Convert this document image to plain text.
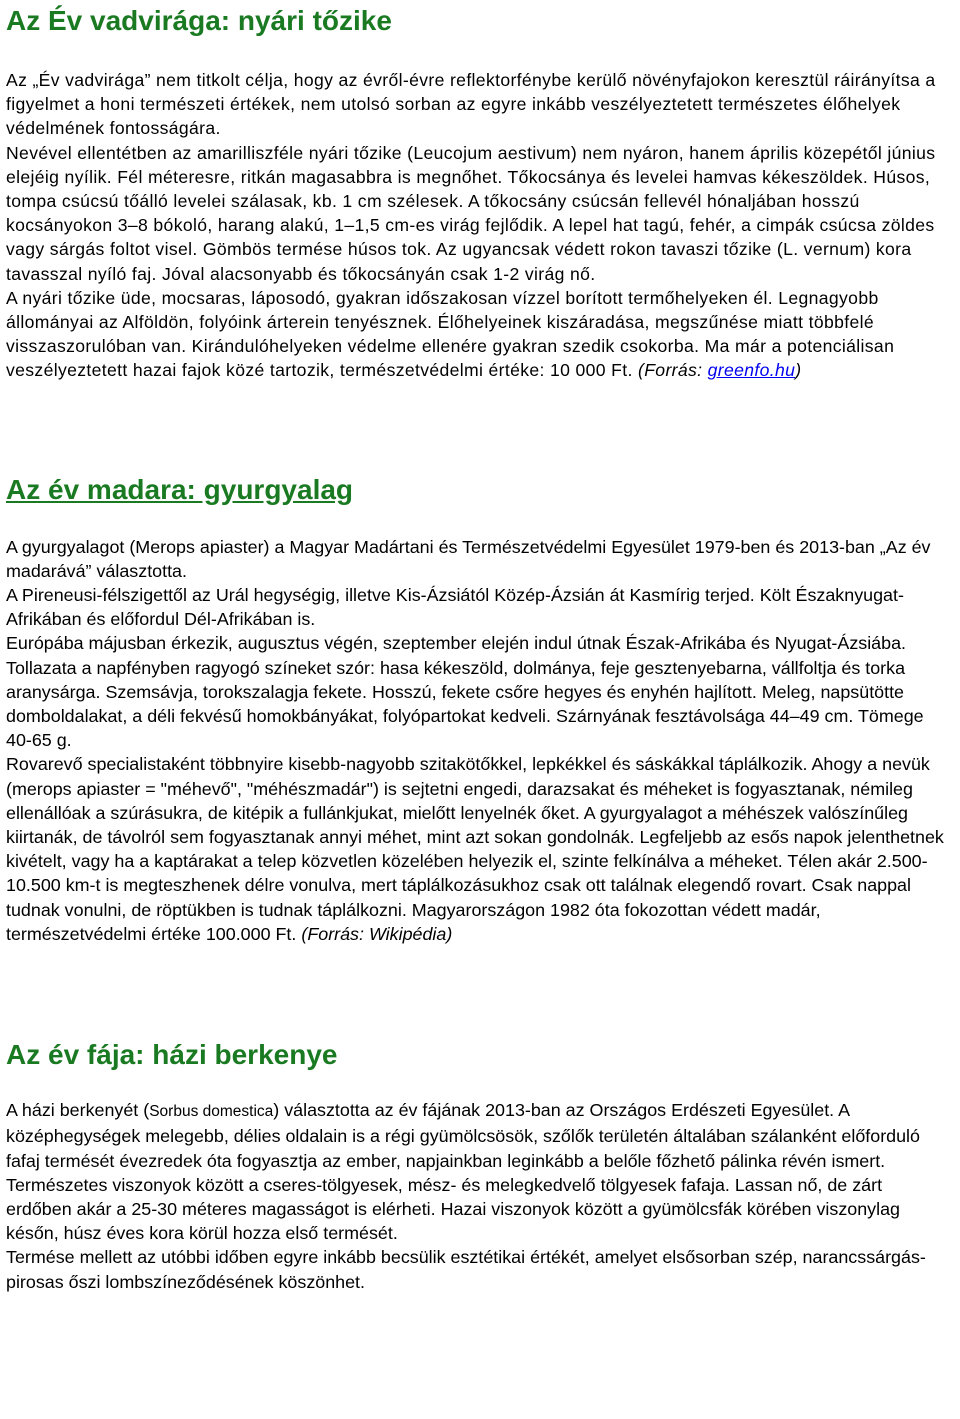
Az Év vadvirága: nyári tőzike

Az „Év vadvirága” nem titkolt célja, hogy az évről-évre reflektorfénybe kerülő növényfajokon keresztül ráirányítsa a figyelmet a honi természeti értékek, nem utolsó sorban az egyre inkább veszélyeztetett természetes élőhelyek védelmének fontosságára.

Nevével ellentétben az amarilliszféle nyári tőzike (Leucojum aestivum) nem nyáron, hanem április közepétől június elejéig nyílik. Fél méteresre, ritkán magasabbra is megnőhet. Tőkocsánya és levelei hamvas kékeszöldek. Húsos, tompa csúcsú tőálló levelei szálasak, kb. 1 cm szélesek. A tőkocsány csúcsán fellevél hónaljában hosszú kocsányokon 3–8 bókoló, harang alakú, 1–1,5 cm-es virág fejlődik. A lepel hat tagú, fehér, a cimpák csúcsa zöldes vagy sárgás foltot visel. Gömbös termése húsos tok. Az ugyancsak védett rokon tavaszi tőzike (L. vernum) kora tavasszal nyíló faj. Jóval alacsonyabb és tőkocsányán csak 1-2 virág nő.

A nyári tőzike üde, mocsaras, láposodó, gyakran időszakosan vízzel borított termőhelyeken él. Legnagyobb állományai az Alföldön, folyóink árterein tenyésznek. Élőhelyeinek kiszáradása, megszűnése miatt többfelé visszaszorulóban van. Kirándulóhelyeken védelme ellenére gyakran szedik csokorba. Ma már a potenciálisan veszélyeztetett hazai fajok közé tartozik, természetvédelmi értéke: 10 000 Ft. (Forrás: greenfo.hu)

Az év madara: gyurgyalag

A gyurgyalagot (Merops apiaster) a Magyar Madártani és Természetvédelmi Egyesület 1979-ben és 2013-ban „Az év madarává” választotta.

A Pireneusi-félszigettől az Urál hegységig, illetve Kis-Ázsiától Közép-Ázsián át Kasmírig terjed. Költ Északnyugat-Afrikában és előfordul Dél-Afrikában is.

Európába májusban érkezik, augusztus végén, szeptember elején indul útnak Észak-Afrikába és Nyugat-Ázsiába.

Tollazata a napfényben ragyogó színeket szór: hasa kékeszöld, dolmánya, feje gesztenyebarna, vállfoltja és torka aranysárga. Szemsávja, torokszalagja fekete. Hosszú, fekete csőre hegyes és enyhén hajlított. Meleg, napsütötte domboldalakat, a déli fekvésű homokbányákat, folyópartokat kedveli. Szárnyának fesztávolsága 44–49 cm. Tömege 40-65 g.

Rovarevő specialistaként többnyire kisebb-nagyobb szitakötőkkel, lepkékkel és sáskákkal táplálkozik. Ahogy a nevük (merops apiaster = "méhevő", "méhészmadár") is sejtetni engedi, darazsakat és méheket is fogyasztanak, némileg ellenállóak a szúrásukra, de kitépik a fullánkjukat, mielőtt lenyelnék őket. A gyurgyalagot a méhészek valószínűleg kiirtanák, de távolról sem fogyasztanak annyi méhet, mint azt sokan gondolnák. Legfeljebb az esős napok jelenthetnek kivételt, vagy ha a kaptárakat a telep közvetlen közelében helyezik el, szinte felkínálva a méheket. Télen akár 2.500-10.500 km-t is megteszhenek délre vonulva, mert táplálkozásukhoz csak ott találnak elegendő rovart. Csak nappal tudnak vonulni, de röptükben is tudnak táplálkozni. Magyarországon 1982 óta fokozottan védett madár, természetvédelmi értéke 100.000 Ft. (Forrás: Wikipédia)

Az év fája: házi berkenye

A házi berkenyét (Sorbus domestica) választotta az év fájának 2013-ban az Országos Erdészeti Egyesület. A középhegységek melegebb, délies oldalain is a régi gyümölcsösök, szőlők területén általában szálanként előforduló fafaj termését évezredek óta fogyasztja az ember, napjainkban leginkább a belőle főzhető pálinka révén ismert.

Természetes viszonyok között a cseres-tölgyesek, mész- és melegkedvelő tölgyesek fafaja. Lassan nő, de zárt erdőben akár a 25-30 méteres magasságot is elérheti. Hazai viszonyok között a gyümölcsfák körében viszonylag későn, húsz éves kora körül hozza első termését.

Termése mellett az utóbbi időben egyre inkább becsülik esztétikai értékét, amelyet elsősorban szép, narancssárgás-pirosas őszi lombszíneződésének köszönhet.
